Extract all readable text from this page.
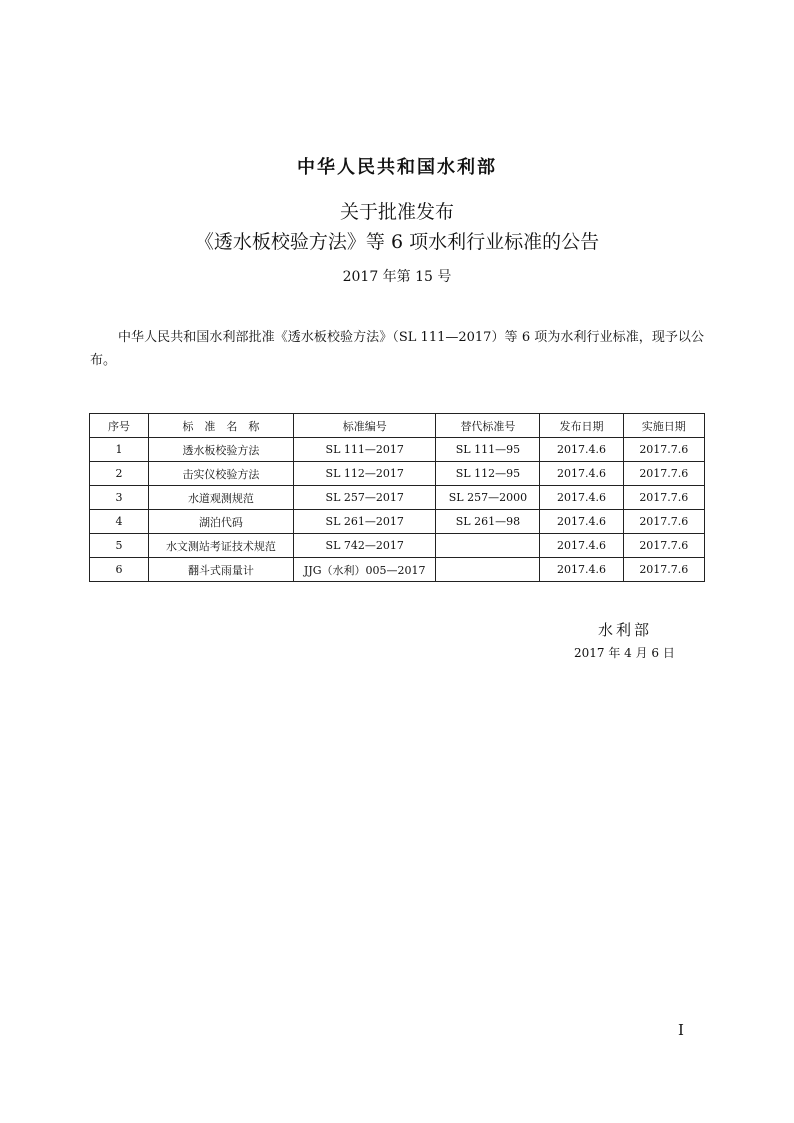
中华人民共和国水利部
关于批准发布
《透水板校验方法》等 6 项水利行业标准的公告
2017 年第 15 号

中华人民共和国水利部批准《透水板校验方法》（SL 111—2017）等 6 项为水利行业标准，现予以公布。

序号	标　准　名　称	标准编号	替代标准号	发布日期	实施日期
1	透水板校验方法	SL 111—2017	SL 111—95	2017.4.6	2017.7.6
2	击实仪校验方法	SL 112—2017	SL 112—95	2017.4.6	2017.7.6
3	水道观测规范	SL 257—2017	SL 257—2000	2017.4.6	2017.7.6
4	湖泊代码	SL 261—2017	SL 261—98	2017.4.6	2017.7.6
5	水文测站考证技术规范	SL 742—2017		2017.4.6	2017.7.6
6	翻斗式雨量计	JJG（水利）005—2017		2017.4.6	2017.7.6
水利部
2017 年 4 月 6 日
I
